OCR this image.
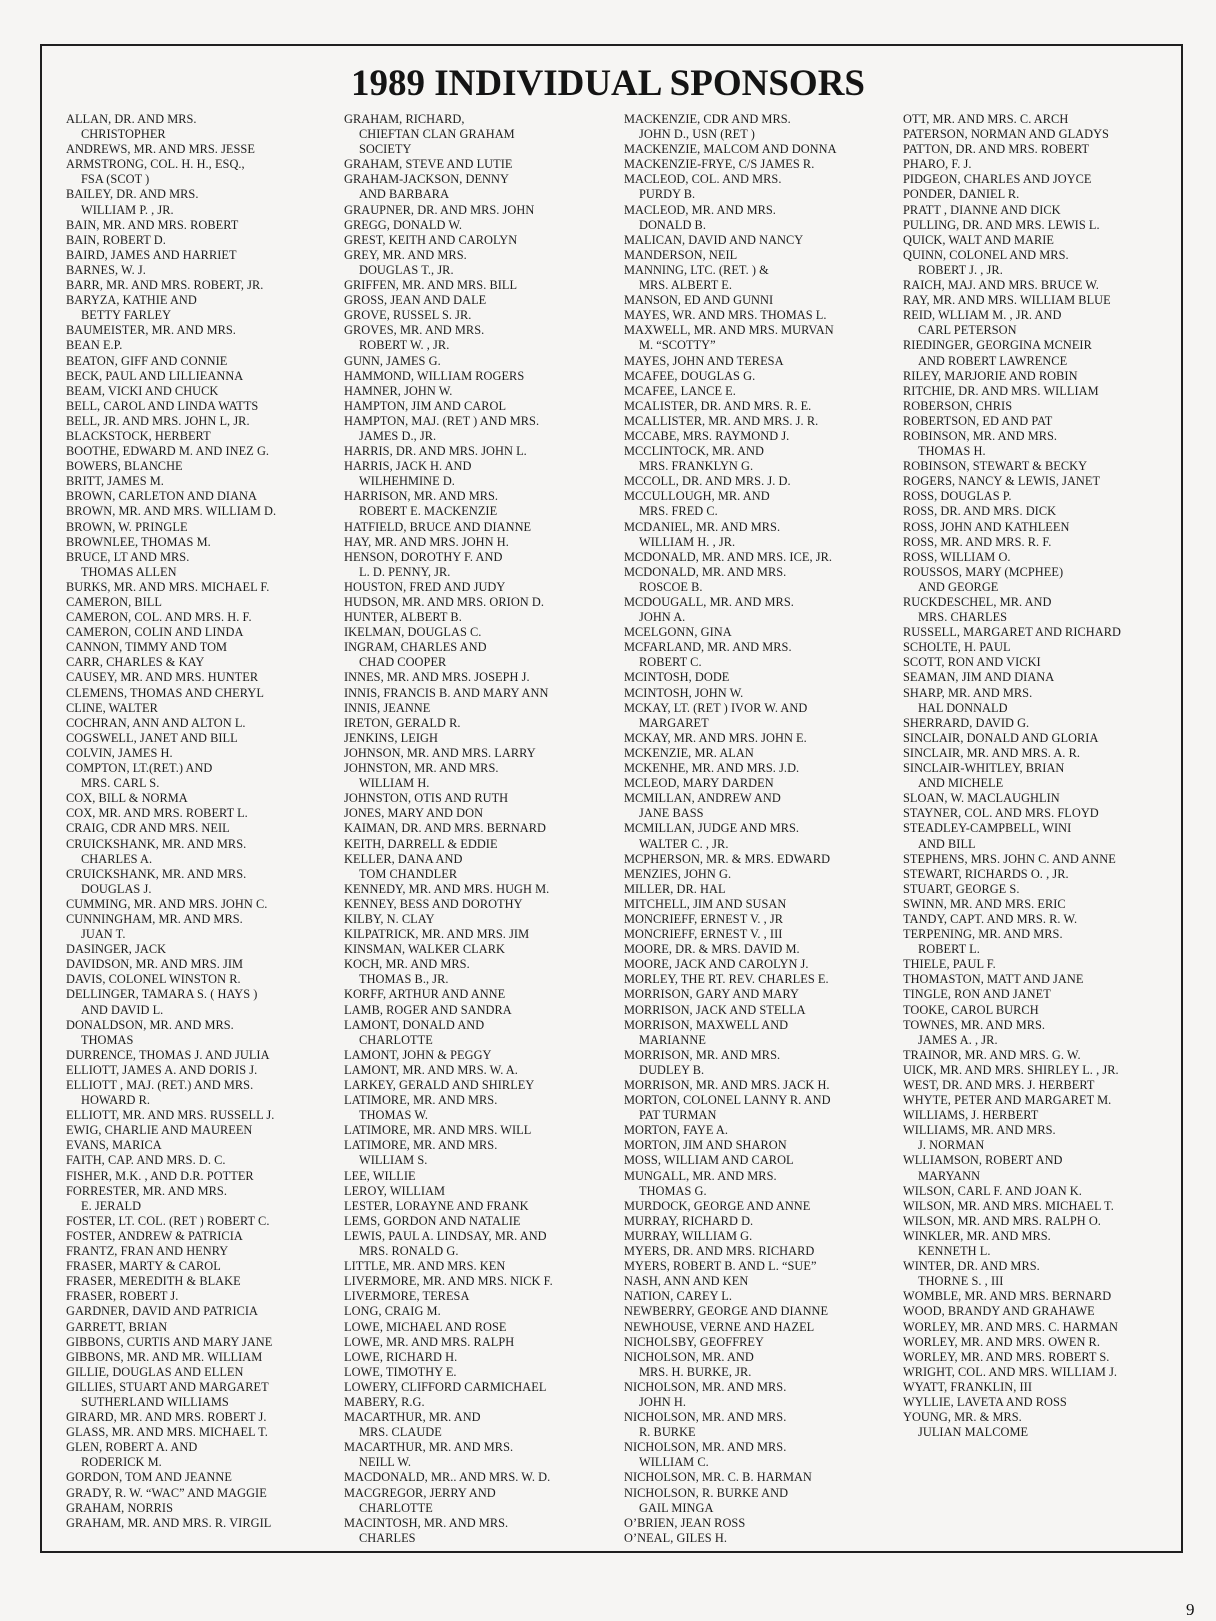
1989 INDIVIDUAL SPONSORS
ALLAN, DR. AND MRS.
CHRISTOPHER
ANDREWS, MR. AND MRS. JESSE
ARMSTRONG, COL. H. H., ESQ.,
FSA (SCOT )
BAILEY, DR. AND MRS.
WILLIAM P. , JR.
BAIN, MR. AND MRS. ROBERT
BAIN, ROBERT D.
BAIRD, JAMES AND HARRIET
BARNES, W. J.
BARR, MR. AND MRS. ROBERT, JR.
BARYZA, KATHIE AND
BETTY FARLEY
BAUMEISTER, MR. AND MRS.
BEAN E.P.
BEATON, GIFF AND CONNIE
BECK, PAUL AND LILLIEANNA
BEAM, VICKI AND CHUCK
BELL, CAROL AND LINDA WATTS
BELL, JR. AND MRS. JOHN L, JR.
BLACKSTOCK, HERBERT
BOOTHE, EDWARD M. AND INEZ G.
BOWERS, BLANCHE
BRITT, JAMES M.
BROWN, CARLETON AND DIANA
BROWN, MR. AND MRS. WILLIAM D.
BROWN, W. PRINGLE
BROWNLEE, THOMAS M.
BRUCE, LT AND MRS.
THOMAS ALLEN
BURKS, MR. AND MRS. MICHAEL F.
CAMERON, BILL
CAMERON, COL. AND MRS. H. F.
CAMERON, COLIN AND LINDA
CANNON, TIMMY AND TOM
CARR, CHARLES & KAY
CAUSEY, MR. AND MRS. HUNTER
CLEMENS, THOMAS AND CHERYL
CLINE, WALTER
COCHRAN, ANN AND ALTON L.
COGSWELL, JANET AND BILL
COLVIN, JAMES H.
COMPTON, LT.(RET.) AND
MRS. CARL S.
COX, BILL & NORMA
COX, MR. AND MRS. ROBERT L.
CRAIG, CDR AND MRS. NEIL
CRUICKSHANK, MR. AND MRS.
CHARLES A.
CRUICKSHANK, MR. AND MRS.
DOUGLAS J.
CUMMING, MR. AND MRS. JOHN C.
CUNNINGHAM, MR. AND MRS.
JUAN T.
DASINGER, JACK
DAVIDSON, MR. AND MRS. JIM
DAVIS, COLONEL WINSTON R.
DELLINGER, TAMARA S. ( HAYS )
AND DAVID L.
DONALDSON, MR. AND MRS.
THOMAS
DURRENCE, THOMAS J. AND JULIA
ELLIOTT, JAMES A. AND DORIS J.
ELLIOTT , MAJ. (RET.) AND MRS.
HOWARD R.
ELLIOTT, MR. AND MRS. RUSSELL J.
EWIG, CHARLIE AND MAUREEN
EVANS, MARICA
FAITH, CAP. AND MRS. D. C.
FISHER, M.K. , AND D.R. POTTER
FORRESTER, MR. AND MRS.
E. JERALD
FOSTER, LT. COL. (RET ) ROBERT C.
FOSTER, ANDREW & PATRICIA
FRANTZ, FRAN AND HENRY
FRASER, MARTY & CAROL
FRASER, MEREDITH & BLAKE
FRASER, ROBERT J.
GARDNER, DAVID AND PATRICIA
GARRETT, BRIAN
GIBBONS, CURTIS AND MARY JANE
GIBBONS, MR. AND MR. WILLIAM
GILLIE, DOUGLAS AND ELLEN
GILLIES, STUART AND MARGARET
SUTHERLAND WILLIAMS
GIRARD, MR. AND MRS. ROBERT J.
GLASS, MR. AND MRS. MICHAEL T.
GLEN, ROBERT A. AND
RODERICK M.
GORDON, TOM AND JEANNE
GRADY, R. W. “WAC” AND MAGGIE
GRAHAM, NORRIS
GRAHAM, MR. AND MRS. R. VIRGIL
GRAHAM, RICHARD,
CHIEFTAN CLAN GRAHAM
SOCIETY
GRAHAM, STEVE AND LUTIE
GRAHAM-JACKSON, DENNY
AND BARBARA
GRAUPNER, DR. AND MRS. JOHN
GREGG, DONALD W.
GREST, KEITH AND CAROLYN
GREY, MR. AND MRS.
DOUGLAS T., JR.
GRIFFEN, MR. AND MRS. BILL
GROSS, JEAN AND DALE
GROVE, RUSSEL S. JR.
GROVES, MR. AND MRS.
ROBERT W. , JR.
GUNN, JAMES G.
HAMMOND, WILLIAM ROGERS
HAMNER, JOHN W.
HAMPTON, JIM AND CAROL
HAMPTON, MAJ. (RET ) AND MRS.
JAMES D., JR.
HARRIS, DR. AND MRS. JOHN L.
HARRIS, JACK H. AND
WILHEHMINE D.
HARRISON, MR. AND MRS.
ROBERT E. MACKENZIE
HATFIELD, BRUCE AND DIANNE
HAY, MR. AND MRS. JOHN H.
HENSON, DOROTHY F. AND
L. D. PENNY, JR.
HOUSTON, FRED AND JUDY
HUDSON, MR. AND MRS. ORION D.
HUNTER, ALBERT B.
IKELMAN, DOUGLAS C.
INGRAM, CHARLES AND
CHAD COOPER
INNES, MR. AND MRS. JOSEPH J.
INNIS, FRANCIS B. AND MARY ANN
INNIS, JEANNE
IRETON, GERALD R.
JENKINS, LEIGH
JOHNSON, MR. AND MRS. LARRY
JOHNSTON, MR. AND MRS.
WILLIAM H.
JOHNSTON, OTIS AND RUTH
JONES, MARY AND DON
KAIMAN, DR. AND MRS. BERNARD
KEITH, DARRELL & EDDIE
KELLER, DANA AND
TOM CHANDLER
KENNEDY, MR. AND MRS. HUGH M.
KENNEY, BESS AND DOROTHY
KILBY, N. CLAY
KILPATRICK, MR. AND MRS. JIM
KINSMAN, WALKER CLARK
KOCH, MR. AND MRS.
THOMAS B., JR.
KORFF, ARTHUR AND ANNE
LAMB, ROGER AND SANDRA
LAMONT, DONALD AND
CHARLOTTE
LAMONT, JOHN & PEGGY
LAMONT, MR. AND MRS. W. A.
LARKEY, GERALD AND SHIRLEY
LATIMORE, MR. AND MRS.
THOMAS W.
LATIMORE, MR. AND MRS. WILL
LATIMORE, MR. AND MRS.
WILLIAM S.
LEE, WILLIE
LEROY, WILLIAM
LESTER, LORAYNE AND FRANK
LEMS, GORDON AND NATALIE
LEWIS, PAUL A. LINDSAY, MR. AND
MRS. RONALD G.
LITTLE, MR. AND MRS. KEN
LIVERMORE, MR. AND MRS. NICK F.
LIVERMORE, TERESA
LONG, CRAIG M.
LOWE, MICHAEL AND ROSE
LOWE, MR. AND MRS. RALPH
LOWE, RICHARD H.
LOWE, TIMOTHY E.
LOWERY, CLIFFORD CARMICHAEL
MABERY, R.G.
MACARTHUR, MR. AND
MRS. CLAUDE
MACARTHUR, MR. AND MRS.
NEILL W.
MACDONALD, MR.. AND MRS. W. D.
MACGREGOR, JERRY AND
CHARLOTTE
MACINTOSH, MR. AND MRS.
CHARLES
MACKENZIE, CDR AND MRS.
JOHN D., USN (RET )
MACKENZIE, MALCOM AND DONNA
MACKENZIE-FRYE, C/S JAMES R.
MACLEOD, COL. AND MRS.
PURDY B.
MACLEOD, MR. AND MRS.
DONALD B.
MALICAN, DAVID AND NANCY
MANDERSON, NEIL
MANNING, LTC. (RET. ) &
MRS. ALBERT E.
MANSON, ED AND GUNNI
MAYES, WR. AND MRS. THOMAS L.
MAXWELL, MR. AND MRS. MURVAN
M. “SCOTTY”
MAYES, JOHN AND TERESA
MCAFEE, DOUGLAS G.
MCAFEE, LANCE E.
MCALISTER, DR. AND MRS. R. E.
MCALLISTER, MR. AND MRS. J. R.
MCCABE, MRS. RAYMOND J.
MCCLINTOCK, MR. AND
MRS. FRANKLYN G.
MCCOLL, DR. AND MRS. J. D.
MCCULLOUGH, MR. AND
MRS. FRED C.
MCDANIEL, MR. AND MRS.
WILLIAM H. , JR.
MCDONALD, MR. AND MRS. ICE, JR.
MCDONALD, MR. AND MRS.
ROSCOE B.
MCDOUGALL, MR. AND MRS.
JOHN A.
MCELGONN, GINA
MCFARLAND, MR. AND MRS.
ROBERT C.
MCINTOSH, DODE
MCINTOSH, JOHN W.
MCKAY, LT. (RET ) IVOR W. AND
MARGARET
MCKAY, MR. AND MRS. JOHN E.
MCKENZIE, MR. ALAN
MCKENHE, MR. AND MRS. J.D.
MCLEOD, MARY DARDEN
MCMILLAN, ANDREW AND
JANE BASS
MCMILLAN, JUDGE AND MRS.
WALTER C. , JR.
MCPHERSON, MR. & MRS. EDWARD
MENZIES, JOHN G.
MILLER, DR. HAL
MITCHELL, JIM AND SUSAN
MONCRIEFF, ERNEST V. , JR
MONCRIEFF, ERNEST V. , III
MOORE, DR. & MRS. DAVID M.
MOORE, JACK AND CAROLYN J.
MORLEY, THE RT. REV. CHARLES E.
MORRISON, GARY AND MARY
MORRISON, JACK AND STELLA
MORRISON, MAXWELL AND
MARIANNE
MORRISON, MR. AND MRS.
DUDLEY B.
MORRISON, MR. AND MRS. JACK H.
MORTON, COLONEL LANNY R. AND
PAT TURMAN
MORTON, FAYE A.
MORTON, JIM AND SHARON
MOSS, WILLIAM AND CAROL
MUNGALL, MR. AND MRS.
THOMAS G.
MURDOCK, GEORGE AND ANNE
MURRAY, RICHARD D.
MURRAY, WILLIAM G.
MYERS, DR. AND MRS. RICHARD
MYERS, ROBERT B. AND L. “SUE”
NASH, ANN AND KEN
NATION, CAREY L.
NEWBERRY, GEORGE AND DIANNE
NEWHOUSE, VERNE AND HAZEL
NICHOLSBY, GEOFFREY
NICHOLSON, MR. AND
MRS. H. BURKE, JR.
NICHOLSON, MR. AND MRS.
JOHN H.
NICHOLSON, MR. AND MRS.
R. BURKE
NICHOLSON, MR. AND MRS.
WILLIAM C.
NICHOLSON, MR. C. B. HARMAN
NICHOLSON, R. BURKE AND
GAIL MINGA
O’BRIEN, JEAN ROSS
O’NEAL, GILES H.
OTT, MR. AND MRS. C. ARCH
PATERSON, NORMAN AND GLADYS
PATTON, DR. AND MRS. ROBERT
PHARO, F. J.
PIDGEON, CHARLES AND JOYCE
PONDER, DANIEL R.
PRATT , DIANNE AND DICK
PULLING, DR. AND MRS. LEWIS L.
QUICK, WALT AND MARIE
QUINN, COLONEL AND MRS.
ROBERT J. , JR.
RAICH, MAJ. AND MRS. BRUCE W.
RAY, MR. AND MRS. WILLIAM BLUE
REID, WLLIAM M. , JR. AND
CARL PETERSON
RIEDINGER, GEORGINA MCNEIR
AND ROBERT LAWRENCE
RILEY, MARJORIE AND ROBIN
RITCHIE, DR. AND MRS. WILLIAM
ROBERSON, CHRIS
ROBERTSON, ED AND PAT
ROBINSON, MR. AND MRS.
THOMAS H.
ROBINSON, STEWART & BECKY
ROGERS, NANCY & LEWIS, JANET
ROSS, DOUGLAS P.
ROSS, DR. AND MRS. DICK
ROSS, JOHN AND KATHLEEN
ROSS, MR. AND MRS. R. F.
ROSS, WILLIAM O.
ROUSSOS, MARY (MCPHEE)
AND GEORGE
RUCKDESCHEL, MR. AND
MRS. CHARLES
RUSSELL, MARGARET AND RICHARD
SCHOLTE, H. PAUL
SCOTT, RON AND VICKI
SEAMAN, JIM AND DIANA
SHARP, MR. AND MRS.
HAL DONNALD
SHERRARD, DAVID G.
SINCLAIR, DONALD AND GLORIA
SINCLAIR, MR. AND MRS. A. R.
SINCLAIR-WHITLEY, BRIAN
AND MICHELE
SLOAN, W. MACLAUGHLIN
STAYNER, COL. AND MRS. FLOYD
STEADLEY-CAMPBELL, WINI
AND BILL
STEPHENS, MRS. JOHN C. AND ANNE
STEWART, RICHARDS O. , JR.
STUART, GEORGE S.
SWINN, MR. AND MRS. ERIC
TANDY, CAPT. AND MRS. R. W.
TERPENING, MR. AND MRS.
ROBERT L.
THIELE, PAUL F.
THOMASTON, MATT AND JANE
TINGLE, RON AND JANET
TOOKE, CAROL BURCH
TOWNES, MR. AND MRS.
JAMES A. , JR.
TRAINOR, MR. AND MRS. G. W.
UICK, MR. AND MRS. SHIRLEY L. , JR.
WEST, DR. AND MRS. J. HERBERT
WHYTE, PETER AND MARGARET M.
WILLIAMS, J. HERBERT
WILLIAMS, MR. AND MRS.
J. NORMAN
WLLIAMSON, ROBERT AND
MARYANN
WILSON, CARL F. AND JOAN K.
WILSON, MR. AND MRS. MICHAEL T.
WILSON, MR. AND MRS. RALPH O.
WINKLER, MR. AND MRS.
KENNETH L.
WINTER, DR. AND MRS.
THORNE S. , III
WOMBLE, MR. AND MRS. BERNARD
WOOD, BRANDY AND GRAHAWE
WORLEY, MR. AND MRS. C. HARMAN
WORLEY, MR. AND MRS. OWEN R.
WORLEY, MR. AND MRS. ROBERT S.
WRIGHT, COL. AND MRS. WILLIAM J.
WYATT, FRANKLIN, III
WYLLIE, LAVETA AND ROSS
YOUNG, MR. & MRS.
JULIAN MALCOME
9
